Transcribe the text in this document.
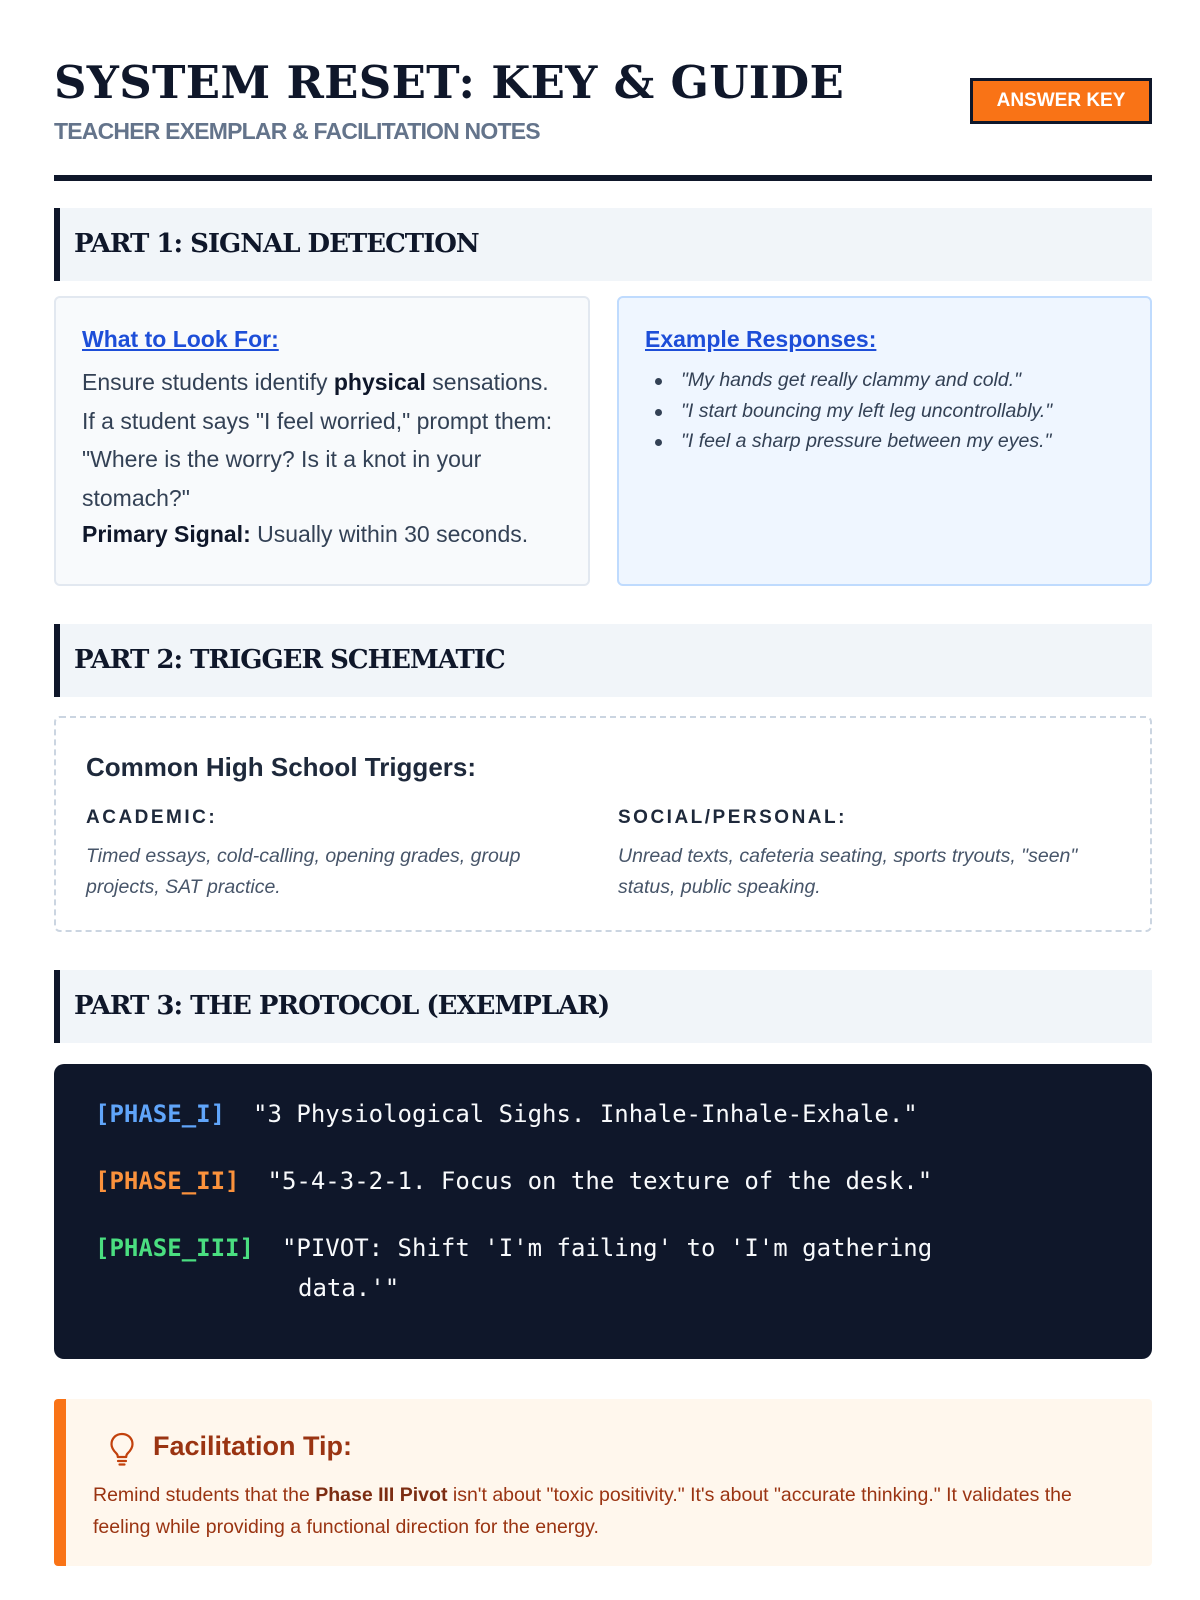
SYSTEM RESET: KEY & GUIDE
TEACHER EXEMPLAR & FACILITATION NOTES
ANSWER KEY
PART 1: SIGNAL DETECTION
What to Look For:
Ensure students identify physical sensations. If a student says "I feel worried," prompt them: "Where is the worry? Is it a knot in your stomach?"
Primary Signal: Usually within 30 seconds.
Example Responses:
"My hands get really clammy and cold."
"I start bouncing my left leg uncontrollably."
"I feel a sharp pressure between my eyes."
PART 2: TRIGGER SCHEMATIC
Common High School Triggers:
ACADEMIC:
Timed essays, cold-calling, opening grades, group projects, SAT practice.
SOCIAL/PERSONAL:
Unread texts, cafeteria seating, sports tryouts, "seen" status, public speaking.
PART 3: THE PROTOCOL (EXEMPLAR)
[PHASE_I] "3 Physiological Sighs. Inhale-Inhale-Exhale."
[PHASE_II] "5-4-3-2-1. Focus on the texture of the desk."
[PHASE_III] "PIVOT: Shift 'I'm failing' to 'I'm gathering
data.'"
Facilitation Tip:
Remind students that the Phase III Pivot isn't about "toxic positivity." It's about "accurate thinking." It validates the feeling while providing a functional direction for the energy.
